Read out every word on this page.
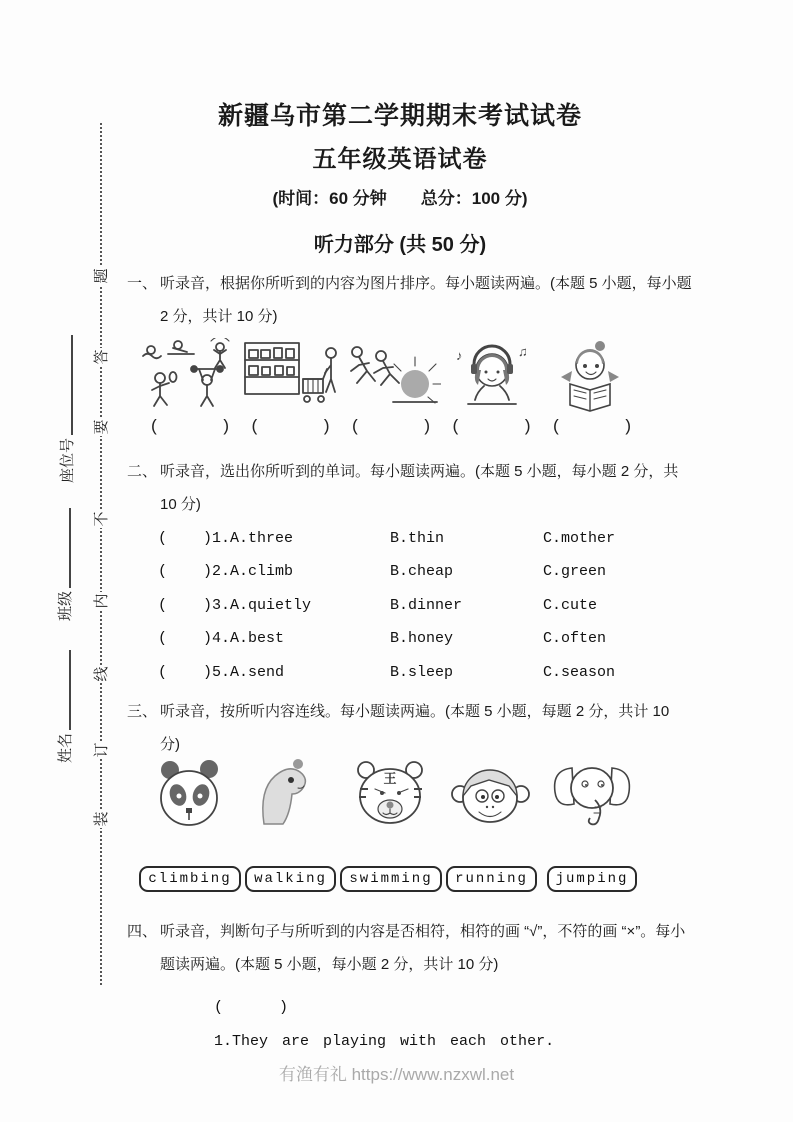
题
答
要
不
内
线
订
装
座位号
班级
姓名
新疆乌市第二学期期末考试试卷
五年级英语试卷
(时间：60 分钟　　总分：100 分)
听力部分 (共 50 分)
一、 听录音，根据你所听到的内容为图片排序。每小题读两遍。(本题 5 小题，每小题 2 分，共计 10 分)
(      ) (      ) (      )
♪	♫
(      ) (      )
二、 听录音，选出你所听到的单词。每小题读两遍。(本题 5 小题，每小题 2 分，共 10 分)
(    ) 1.A.three	B.thin	C.mother
(    ) 2.A.climb	B.cheap	C.green
(    ) 3.A.quietly	B.dinner	C.cute
(    ) 4.A.best	B.honey	C.often
(    ) 5.A.send	B.sleep	C.season
三、 听录音，按所听内容连线。每小题读两遍。(本题 5 小题，每题 2 分，共计 10 分)
王
climbing	walking	swimming	running	jumping
四、 听录音，判断句子与所听到的内容是否相符，相符的画 “√”，不符的画 “×”。每小题读两遍。(本题 5 小题，每小题 2 分，共计 10 分)

(    )

1.They are playing with each other.

有渔有礼 https://www.nzxwl.net
